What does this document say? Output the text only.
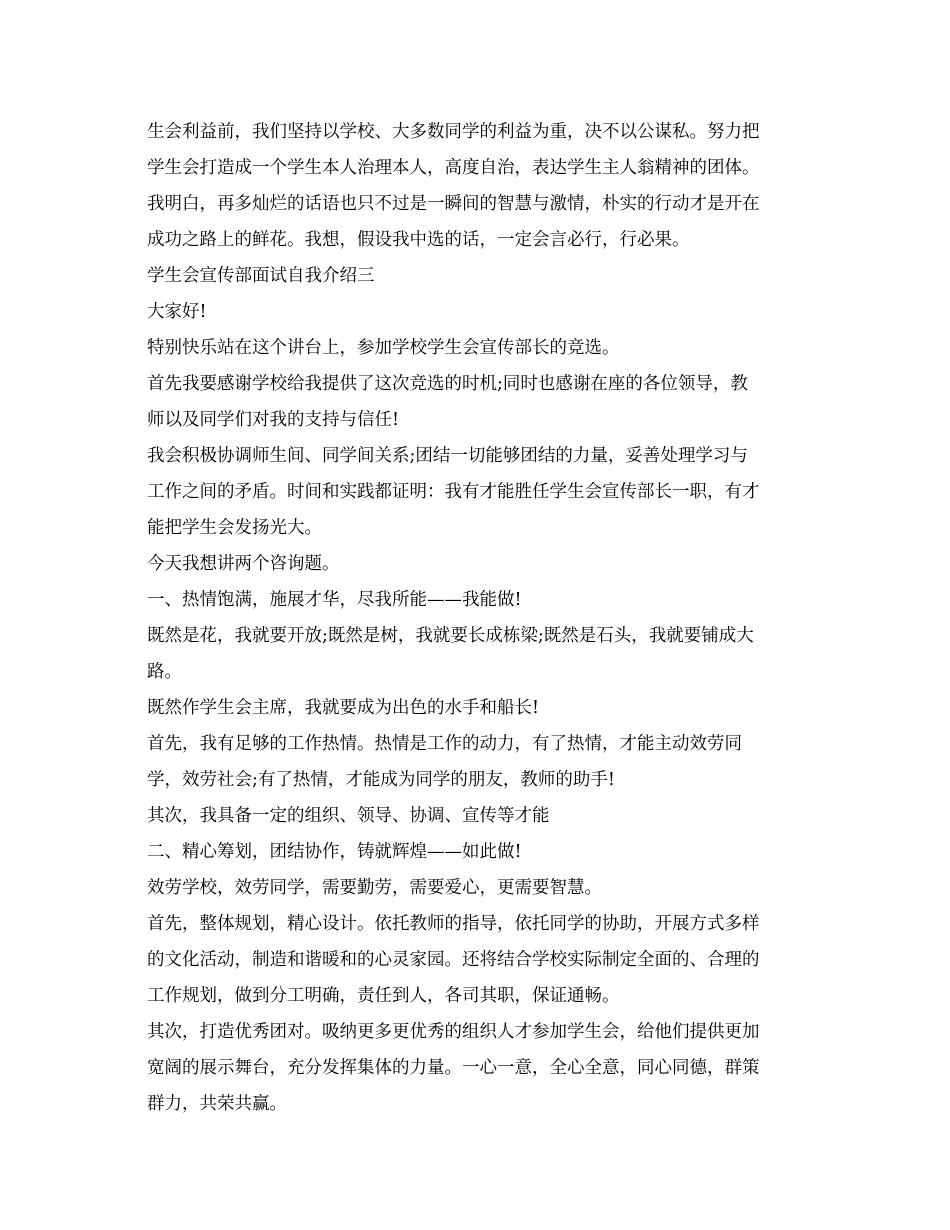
生会利益前，我们坚持以学校、大多数同学的利益为重，决不以公谋私。努力把
学生会打造成一个学生本人治理本人，高度自治，表达学生主人翁精神的团体。
我明白，再多灿烂的话语也只不过是一瞬间的智慧与激情，朴实的行动才是开在
成功之路上的鲜花。我想，假设我中选的话，一定会言必行，行必果。
学生会宣传部面试自我介绍三
大家好!
特别快乐站在这个讲台上，参加学校学生会宣传部长的竞选。
首先我要感谢学校给我提供了这次竞选的时机;同时也感谢在座的各位领导，教
师以及同学们对我的支持与信任!
我会积极协调师生间、同学间关系;团结一切能够团结的力量，妥善处理学习与
工作之间的矛盾。时间和实践都证明：我有才能胜任学生会宣传部长一职，有才
能把学生会发扬光大。
今天我想讲两个咨询题。
一、热情饱满，施展才华，尽我所能——我能做!
既然是花，我就要开放;既然是树，我就要长成栋梁;既然是石头，我就要铺成大
路。
既然作学生会主席，我就要成为出色的水手和船长!
首先，我有足够的工作热情。热情是工作的动力，有了热情，才能主动效劳同
学，效劳社会;有了热情，才能成为同学的朋友，教师的助手!
其次，我具备一定的组织、领导、协调、宣传等才能
二、精心筹划，团结协作，铸就辉煌——如此做!
效劳学校，效劳同学，需要勤劳，需要爱心，更需要智慧。
首先，整体规划，精心设计。依托教师的指导，依托同学的协助，开展方式多样
的文化活动，制造和谐暖和的心灵家园。还将结合学校实际制定全面的、合理的
工作规划，做到分工明确，责任到人，各司其职，保证通畅。
其次，打造优秀团对。吸纳更多更优秀的组织人才参加学生会，给他们提供更加
宽阔的展示舞台，充分发挥集体的力量。一心一意，全心全意，同心同德，群策
群力，共荣共赢。
